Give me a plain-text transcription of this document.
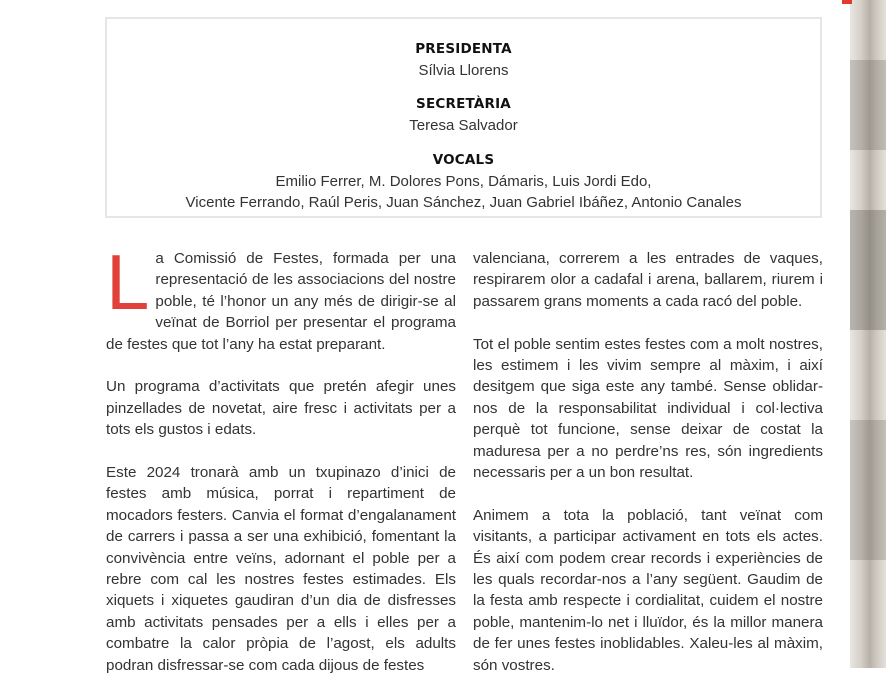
PRESIDENTA
Sílvia Llorens
SECRETÀRIA
Teresa Salvador
VOCALS
Emilio Ferrer, M. Dolores Pons, Dámaris, Luis Jordi Edo,
Vicente Ferrando, Raúl Peris, Juan Sánchez, Juan Gabriel Ibáñez, Antonio Canales

L a Comissió de Festes, formada per una representació de les associacions del nostre poble, té l’honor un any més de dirigir-se al veïnat de Borriol per presentar el programa de festes que tot l’any ha estat preparant.

Un programa d’activitats que pretén afegir unes pinzellades de novetat, aire fresc i activitats per a tots els gustos i edats.

Este 2024 tronarà amb un txupinazo d’inici de festes amb música, porrat i repartiment de mocadors festers. Canvia el format d’engalanament de carrers i passa a ser una exhibició, fomentant la convivència entre veïns, adornant el poble per a rebre com cal les nostres festes estimades. Els xiquets i xiquetes gaudiran d’un dia de disfresses amb activitats pensades per a ells i elles per a combatre la calor pròpia de l’agost, els adults podran disfressar-se com cada dijous de festes

valenciana, correrem a les entrades de vaques, respirarem olor a cadafal i arena, ballarem, riurem i passarem grans moments a cada racó del poble.

Tot el poble sentim estes festes com a molt nostres, les estimem i les vivim sempre al màxim, i així desitgem que siga este any també. Sense oblidar-nos de la responsabilitat individual i col·lectiva perquè tot funcione, sense deixar de costat la maduresa per a no perdre’ns res, són ingredients necessaris per a un bon resultat.

Animem a tota la població, tant veïnat com visitants, a participar activament en tots els actes. És així com podem crear records i experiències de les quals recordar-nos a l’any següent. Gaudim de la festa amb respecte i cordialitat, cuidem el nostre poble, mantenim-lo net i lluïdor, és la millor manera de fer unes festes inoblidables. Xaleu-les al màxim, són vostres.
